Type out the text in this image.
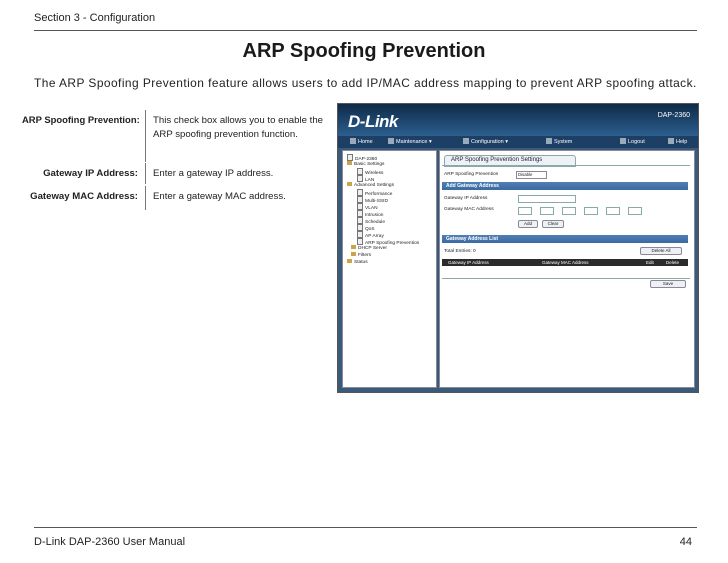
Section 3 - Configuration
ARP Spoofing Prevention
The ARP Spoofing Prevention feature allows users to add IP/MAC address mapping to prevent ARP spoofing attack.
ARP Spoofing Prevention: This check box allows you to enable the ARP spoofing prevention function.
Gateway IP Address: Enter a gateway IP address.
Gateway MAC Address: Enter a gateway MAC address.
D-Link	DAP-2360
Home	Maintenance ▾	Configuration ▾	System	Logout	Help
DAP-2360
Basic Settings
Wireless
LAN
Advanced Settings
Performance
Multi-SSID
VLAN
Intrusion
Schedule
QoS
AP Array
ARP Spoofing Prevention
DHCP Server
Filters
Status
ARP Spoofing Prevention Settings
ARP Spoofing Prevention	Disable
Add Gateway Address
Gateway IP Address
Gateway MAC Address
Add	Clear
Gateway Address List
Total Entries: 0	Delete All
Gateway IP Address	Gateway MAC Address	Edit	Delete
Save
D-Link DAP-2360 User Manual	44
